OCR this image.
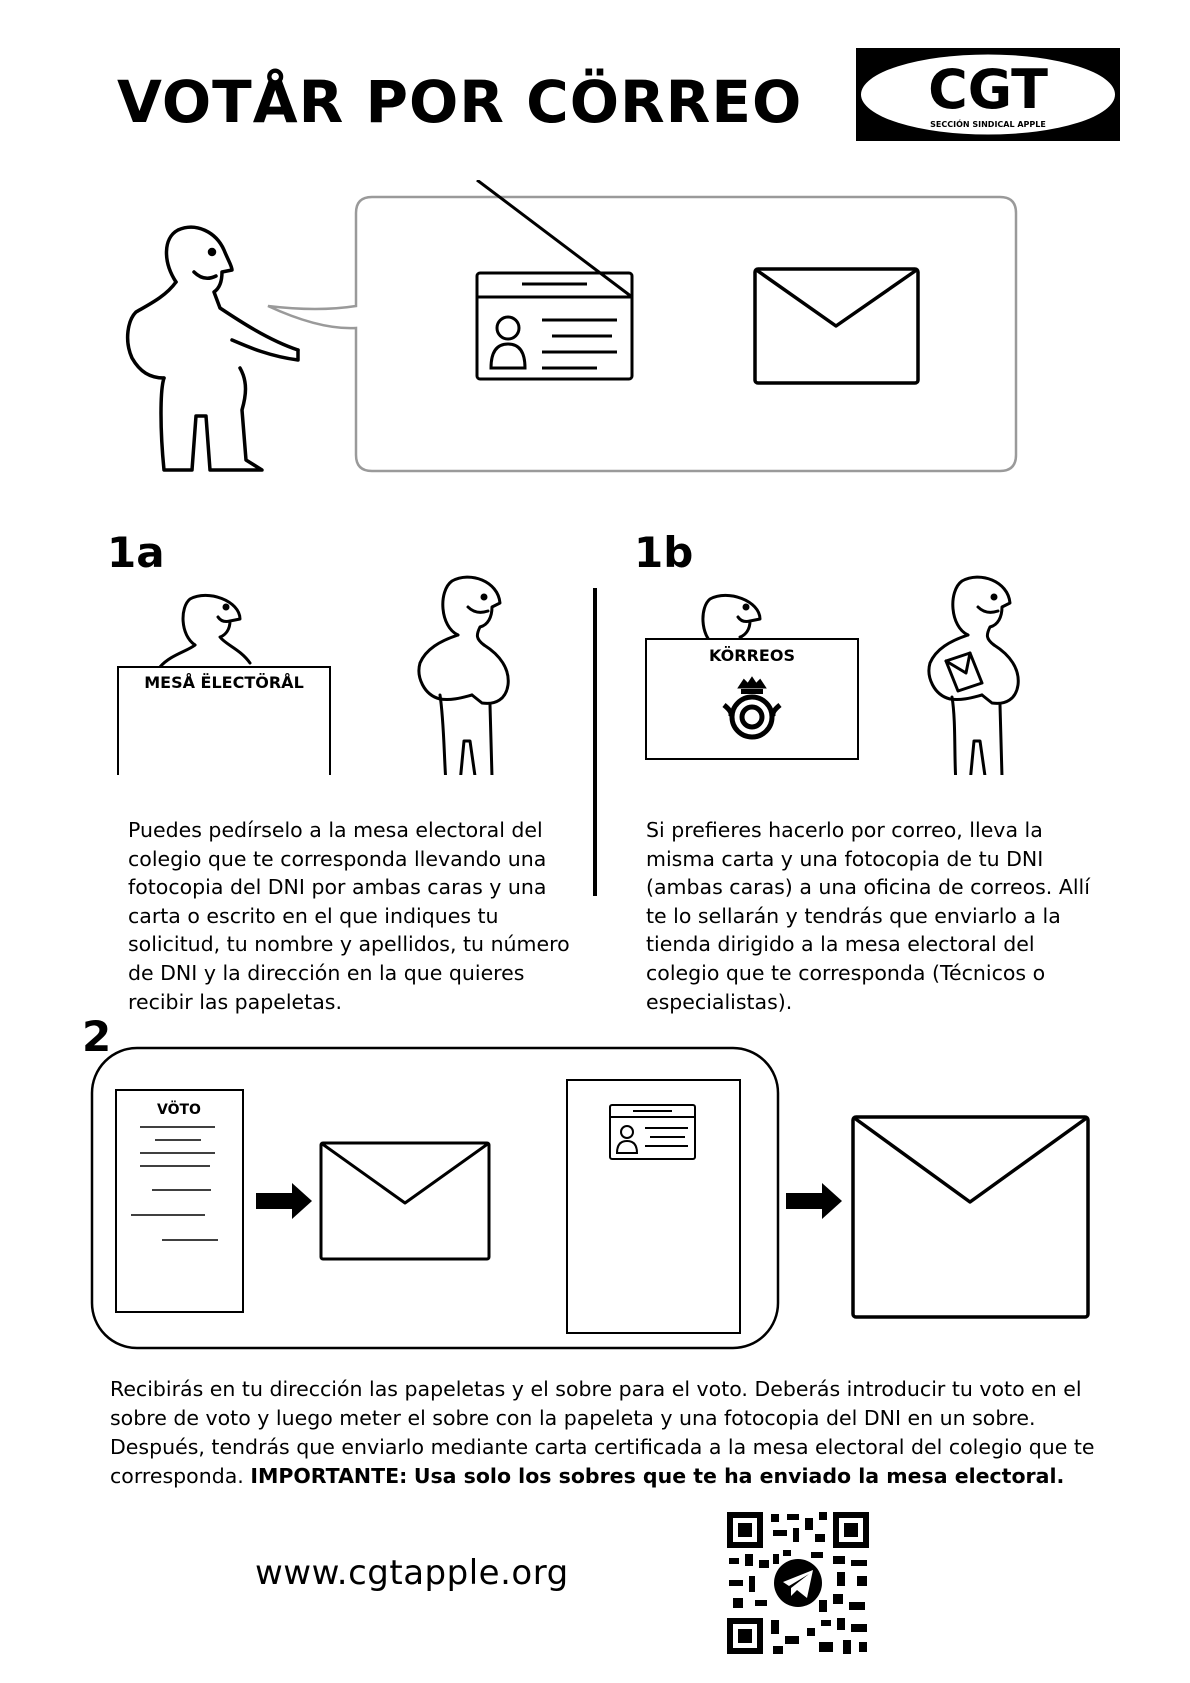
VOTÅR POR CÖRREO CGT
SECCIÓN SINDICAL APPLE
1a
MESÅ ËLECTÖRÅL
1b
KÖRREOS
Puedes pedírselo a la mesa electoral del colegio que te corresponda llevando una fotocopia del DNI por ambas caras y una carta o escrito en el que indiques tu solicitud, tu nombre y apellidos, tu número de DNI y la dirección en la que quieres recibir las papeletas.
Si prefieres hacerlo por correo, lleva la misma carta y una fotocopia de tu DNI (ambas caras) a una oficina de correos. Allí te lo sellarán y tendrás que enviarlo a la tienda dirigido a la mesa electoral del colegio que te corresponda (Técnicos o especialistas).
2
VÖTO
Recibirás en tu dirección las papeletas y el sobre para el voto. Deberás introducir tu voto en el sobre de voto y luego meter el sobre con la papeleta y una fotocopia del DNI en un sobre. Después, tendrás que enviarlo mediante carta certificada a la mesa electoral del colegio que te corresponda. IMPORTANTE: Usa solo los sobres que te ha enviado la mesa electoral.
www.cgtapple.org
